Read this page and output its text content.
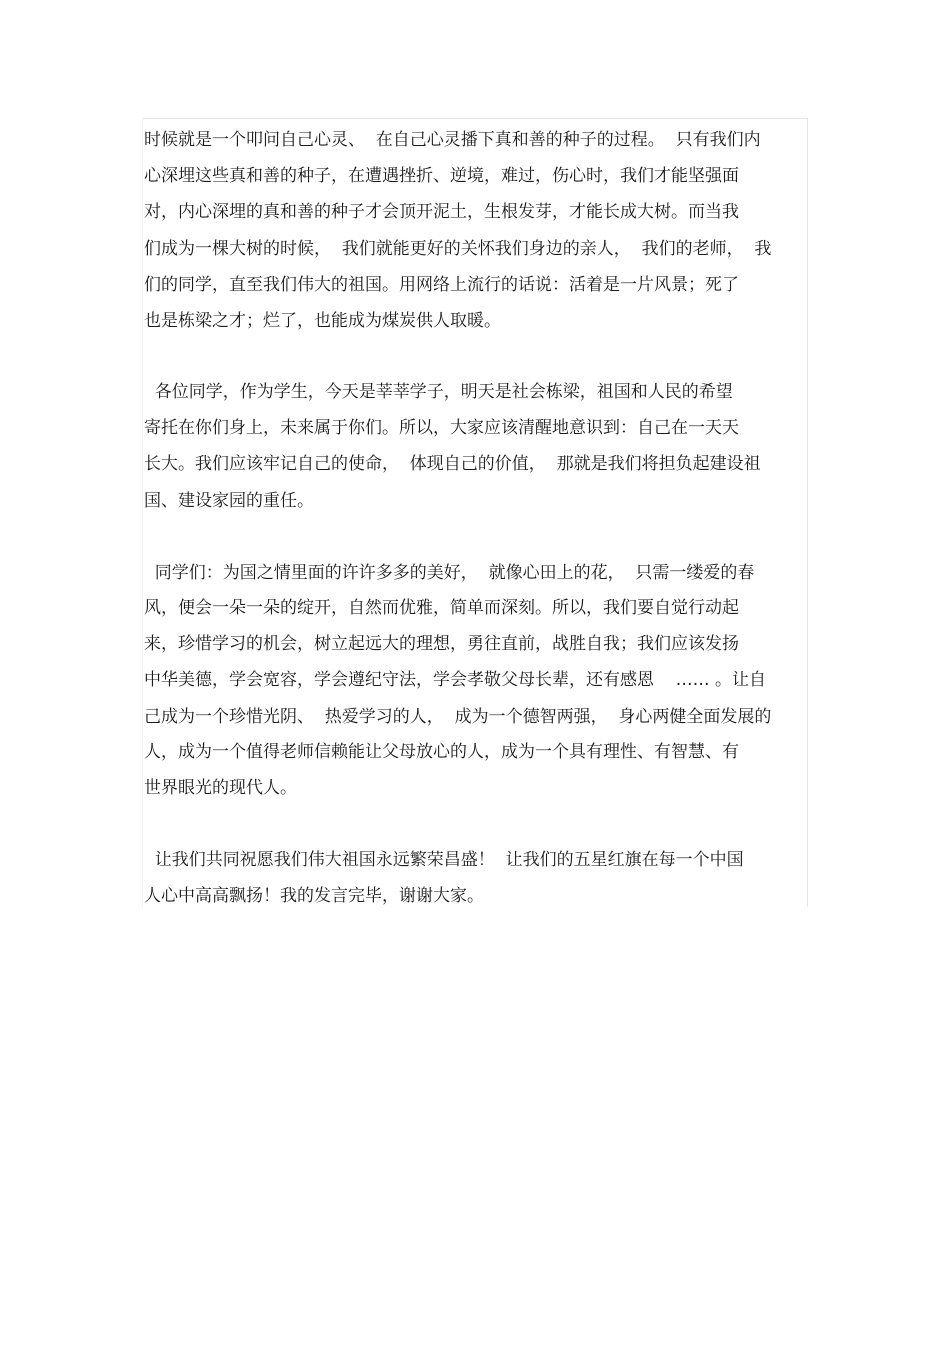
时候就是一个叩问自己心灵、  在自己心灵播下真和善的种子的过程。  只有我们内

心深埋这些真和善的种子，在遭遇挫折、逆境，难过，伤心时，我们才能坚强面

对，内心深埋的真和善的种子才会顶开泥土，生根发芽，才能长成大树。而当我

们成为一棵大树的时候，  我们就能更好的关怀我们身边的亲人，  我们的老师，  我

们的同学，直至我们伟大的祖国。用网络上流行的话说：活着是一片风景；死了

也是栋梁之才；烂了，也能成为煤炭供人取暖。

各位同学，作为学生，今天是莘莘学子，明天是社会栋梁，祖国和人民的希望

寄托在你们身上，未来属于你们。所以，大家应该清醒地意识到：自己在一天天

长大。我们应该牢记自己的使命，  体现自己的价值，  那就是我们将担负起建设祖

国、建设家园的重任。

同学们：为国之情里面的许许多多的美好，  就像心田上的花，  只需一缕爱的春

风，便会一朵一朵的绽开，自然而优雅，简单而深刻。所以，我们要自觉行动起

来，珍惜学习的机会，树立起远大的理想，勇往直前，战胜自我；我们应该发扬

中华美德，学会宽容，学会遵纪守法，学会孝敬父母长辈，还有感恩    …… 。让自

己成为一个珍惜光阴、  热爱学习的人，  成为一个德智两强，  身心两健全面发展的

人，成为一个值得老师信赖能让父母放心的人，成为一个具有理性、有智慧、有

世界眼光的现代人。

让我们共同祝愿我们伟大祖国永远繁荣昌盛！  让我们的五星红旗在每一个中国

人心中高高飘扬！我的发言完毕，谢谢大家。
